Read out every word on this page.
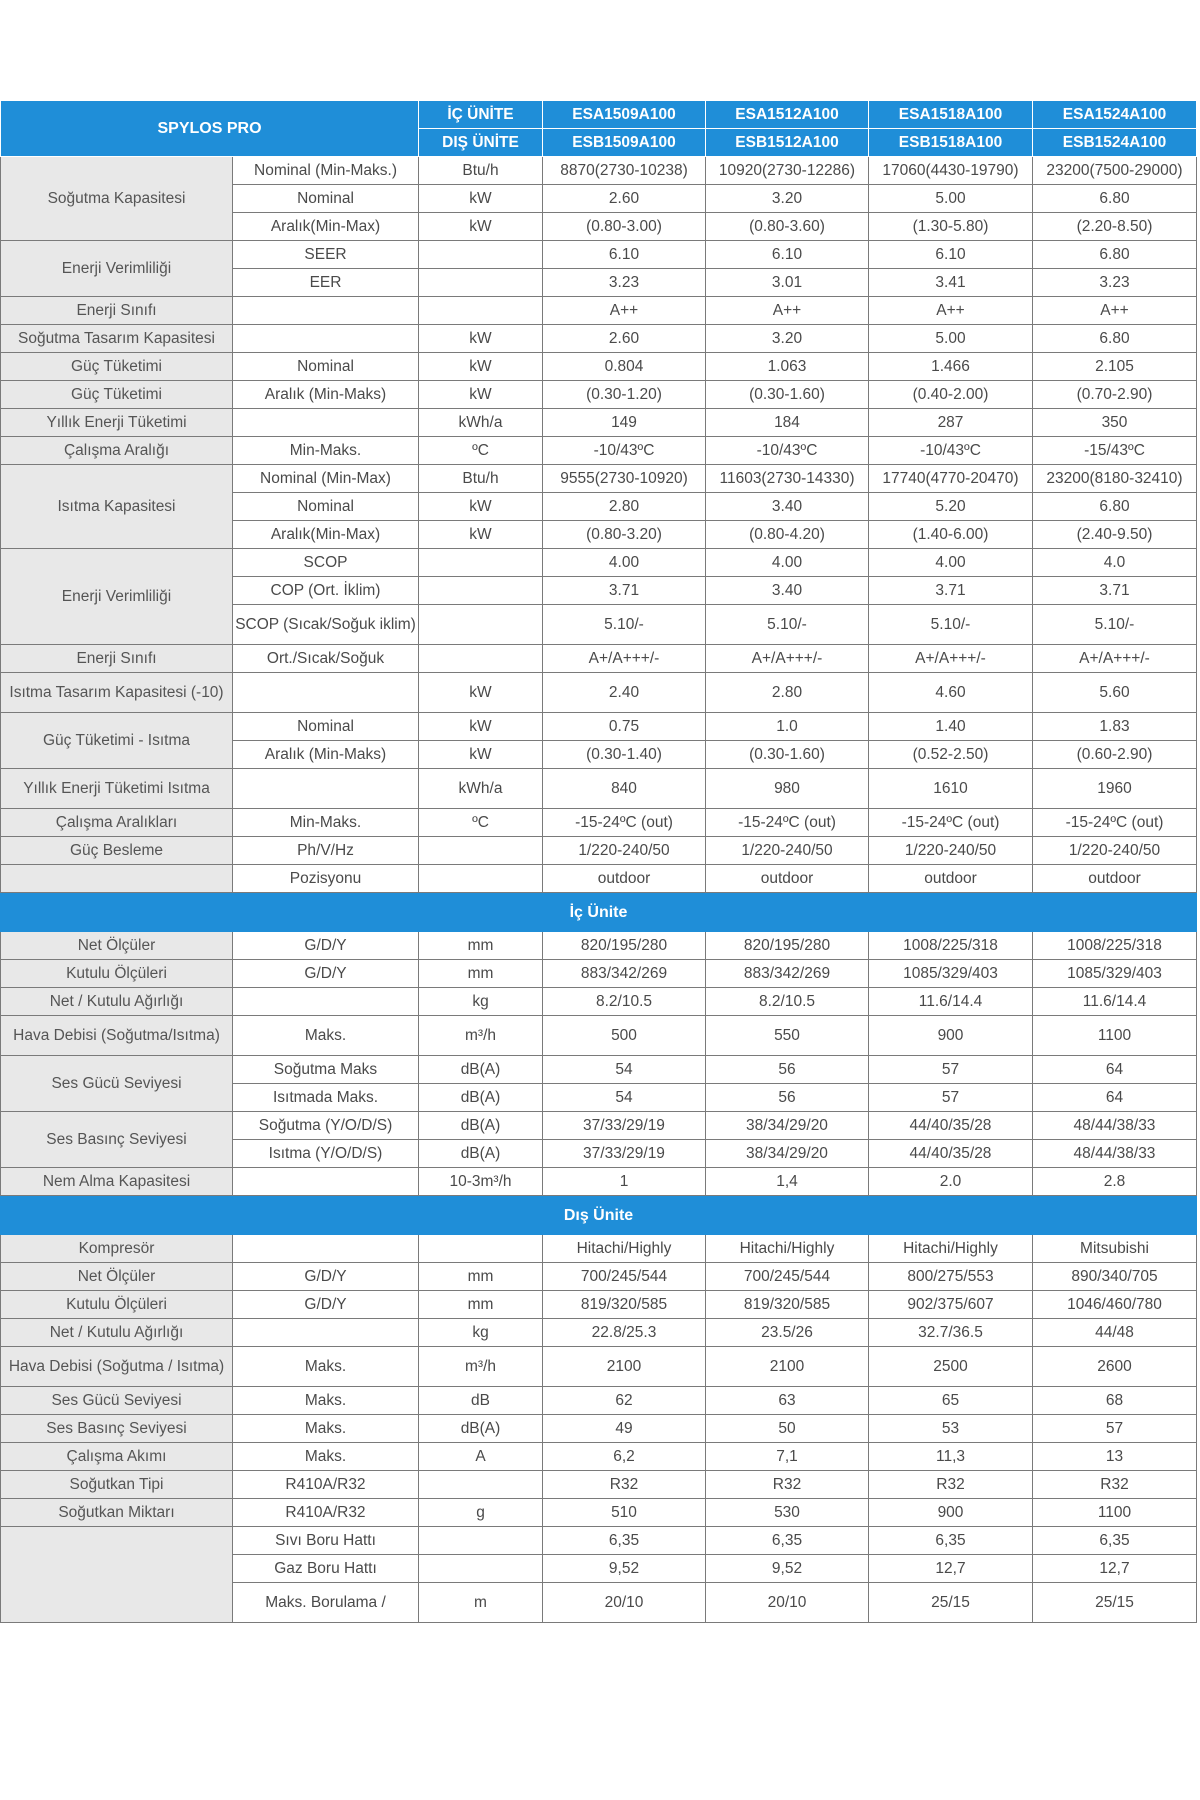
SPYLOS PRO		İÇ ÜNİTE	ESA1509A100	ESA1512A100	ESA1518A100	ESA1524A100
		DIŞ ÜNİTE	ESB1509A100	ESB1512A100	ESB1518A100	ESB1524A100
Soğutma Kapasitesi	Nominal (Min-Maks.)	Btu/h	8870(2730-10238)	10920(2730-12286)	17060(4430-19790)	23200(7500-29000)
	Nominal	kW	2.60	3.20	5.00	6.80
	Aralık(Min-Max)	kW	(0.80-3.00)	(0.80-3.60)	(1.30-5.80)	(2.20-8.50)
Enerji Verimliliği	SEER		6.10	6.10	6.10	6.80
	EER		3.23	3.01	3.41	3.23
Enerji Sınıfı			A++	A++	A++	A++
Soğutma Tasarım Kapasitesi		kW	2.60	3.20	5.00	6.80
Güç Tüketimi	Nominal	kW	0.804	1.063	1.466	2.105
Güç Tüketimi	Aralık (Min-Maks)	kW	(0.30-1.20)	(0.30-1.60)	(0.40-2.00)	(0.70-2.90)
Yıllık Enerji Tüketimi		kWh/a	149	184	287	350
Çalışma Aralığı	Min-Maks.	ºC	-10/43ºC	-10/43ºC	-10/43ºC	-15/43ºC
Isıtma Kapasitesi	Nominal (Min-Max)	Btu/h	9555(2730-10920)	11603(2730-14330)	17740(4770-20470)	23200(8180-32410)
	Nominal	kW	2.80	3.40	5.20	6.80
	Aralık(Min-Max)	kW	(0.80-3.20)	(0.80-4.20)	(1.40-6.00)	(2.40-9.50)
Enerji Verimliliği	SCOP		4.00	4.00	4.00	4.0
	COP (Ort. İklim)		3.71	3.40	3.71	3.71
	SCOP (Sıcak/Soğuk iklim)		5.10/-	5.10/-	5.10/-	5.10/-
Enerji Sınıfı	Ort./Sıcak/Soğuk		A+/A+++/-	A+/A+++/-	A+/A+++/-	A+/A+++/-
Isıtma Tasarım Kapasitesi (-10)		kW	2.40	2.80	4.60	5.60
Güç Tüketimi - Isıtma	Nominal	kW	0.75	1.0	1.40	1.83
	Aralık (Min-Maks)	kW	(0.30-1.40)	(0.30-1.60)	(0.52-2.50)	(0.60-2.90)
Yıllık Enerji Tüketimi Isıtma		kWh/a	840	980	1610	1960
Çalışma Aralıkları	Min-Maks.	ºC	-15-24ºC (out)	-15-24ºC (out)	-15-24ºC (out)	-15-24ºC (out)
Güç Besleme	Ph/V/Hz		1/220-240/50	1/220-240/50	1/220-240/50	1/220-240/50
	Pozisyonu		outdoor	outdoor	outdoor	outdoor
İç Ünite						
Net Ölçüler	G/D/Y	mm	820/195/280	820/195/280	1008/225/318	1008/225/318
Kutulu Ölçüleri	G/D/Y	mm	883/342/269	883/342/269	1085/329/403	1085/329/403
Net / Kutulu Ağırlığı		kg	8.2/10.5	8.2/10.5	11.6/14.4	11.6/14.4
Hava Debisi (Soğutma/Isıtma)	Maks.	m³/h	500	550	900	1100
Ses Gücü Seviyesi	Soğutma Maks	dB(A)	54	56	57	64
	Isıtmada Maks.	dB(A)	54	56	57	64
Ses Basınç Seviyesi	Soğutma (Y/O/D/S)	dB(A)	37/33/29/19	38/34/29/20	44/40/35/28	48/44/38/33
	Isıtma (Y/O/D/S)	dB(A)	37/33/29/19	38/34/29/20	44/40/35/28	48/44/38/33
Nem Alma Kapasitesi		10-3m³/h	1	1,4	2.0	2.8
Dış Ünite						
Kompresör			Hitachi/Highly	Hitachi/Highly	Hitachi/Highly	Mitsubishi
Net Ölçüler	G/D/Y	mm	700/245/544	700/245/544	800/275/553	890/340/705
Kutulu Ölçüleri	G/D/Y	mm	819/320/585	819/320/585	902/375/607	1046/460/780
Net / Kutulu Ağırlığı		kg	22.8/25.3	23.5/26	32.7/36.5	44/48
Hava Debisi (Soğutma / Isıtma)	Maks.	m³/h	2100	2100	2500	2600
Ses Gücü Seviyesi	Maks.	dB	62	63	65	68
Ses Basınç Seviyesi	Maks.	dB(A)	49	50	53	57
Çalışma Akımı	Maks.	A	6,2	7,1	11,3	13
Soğutkan Tipi	R410A/R32		R32	R32	R32	R32
Soğutkan Miktarı	R410A/R32	g	510	530	900	1100
	Sıvı Boru Hattı		6,35	6,35	6,35	6,35
	Gaz Boru Hattı		9,52	9,52	12,7	12,7
	Maks. Borulama /	m	20/10	20/10	25/15	25/15
